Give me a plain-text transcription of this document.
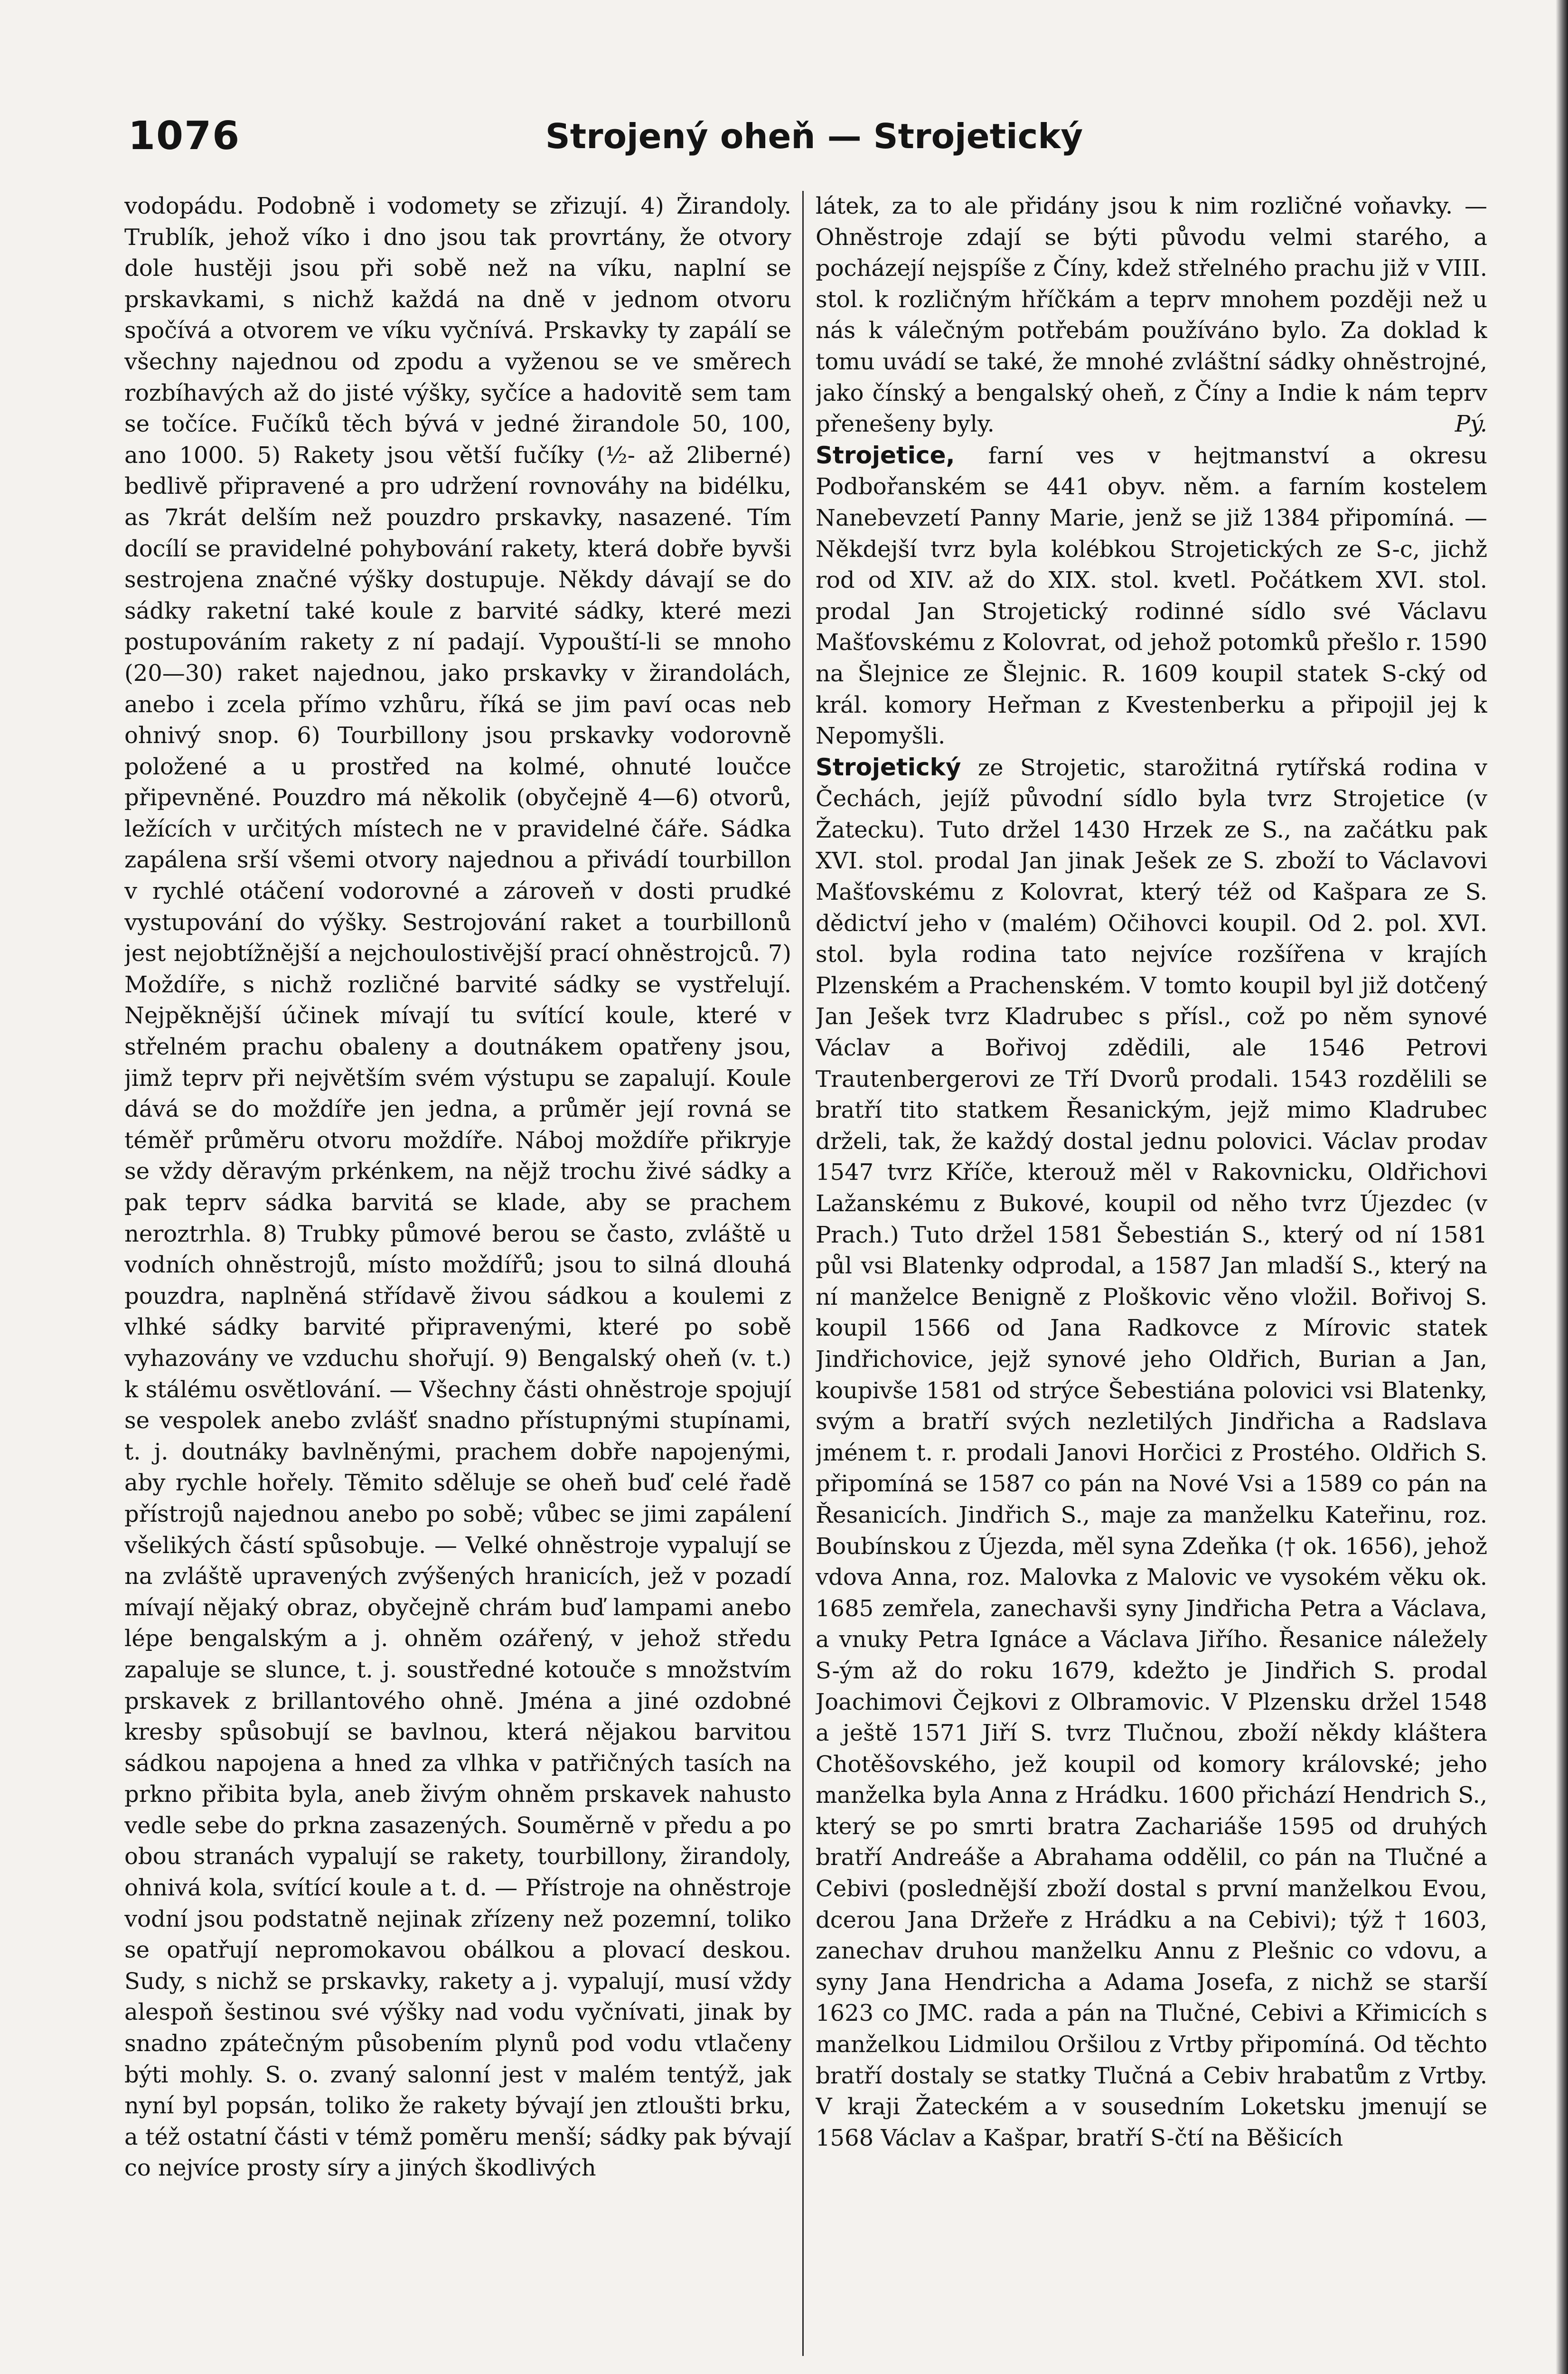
1076	Strojený oheň — Strojetický

vodopádu. Podobně i vodomety se zřizují. 4) Žirandoly. Trublík, jehož víko i dno jsou tak provrtány, že otvory dole hustěji jsou při sobě než na víku, naplní se prskavkami, s nichž každá na dně v jednom otvoru spočívá a otvorem ve víku vyčnívá. Prskavky ty zapálí se všechny najednou od zpodu a vyženou se ve směrech rozbíhavých až do jisté výšky, syčíce a hadovitě sem tam se točíce. Fučíků těch bývá v jedné žirandole 50, 100, ano 1000. 5) Rakety jsou větší fučíky (½- až 2liberné) bedlivě připravené a pro udržení rovnováhy na bidélku, as 7krát delším než pouzdro prskavky, nasazené. Tím docílí se pravidelné pohybování rakety, která dobře byvši sestrojena značné výšky dostupuje. Někdy dávají se do sádky raketní také koule z barvité sádky, které mezi postupováním rakety z ní padají. Vypouští-li se mnoho (20—30) raket najednou, jako prskavky v žirandolách, anebo i zcela přímo vzhůru, říká se jim paví ocas neb ohnivý snop. 6) Tourbillony jsou prskavky vodorovně položené a u prostřed na kolmé, ohnuté loučce připevněné. Pouzdro má několik (obyčejně 4—6) otvorů, ležících v určitých místech ne v pravidelné čáře. Sádka zapálena srší všemi otvory najednou a přivádí tourbillon v rychlé otáčení vodorovné a zároveň v dosti prudké vystupování do výšky. Sestrojování raket a tourbillonů jest nejobtížnější a nejchoulostivější prací ohněstrojců. 7) Moždíře, s nichž rozličné barvité sádky se vystřelují. Nejpěknější účinek mívají tu svítící koule, které v střelném prachu obaleny a doutnákem opatřeny jsou, jimž teprv při největším svém výstupu se zapalují. Koule dává se do moždíře jen jedna, a průměr její rovná se téměř průměru otvoru moždíře. Náboj moždíře přikryje se vždy děravým prkénkem, na nějž trochu živé sádky a pak teprv sádka barvitá se klade, aby se prachem neroztrhla. 8) Trubky půmové berou se často, zvláště u vodních ohněstrojů, místo moždířů; jsou to silná dlouhá pouzdra, naplněná střídavě živou sádkou a koulemi z vlhké sádky barvité připravenými, které po sobě vyhazovány ve vzduchu shořují. 9) Bengalský oheň (v. t.) k stálému osvětlování. — Všechny části ohněstroje spojují se vespolek anebo zvlášť snadno přístupnými stupínami, t. j. doutnáky bavlněnými, prachem dobře napojenými, aby rychle hořely. Těmito sděluje se oheň buď celé řadě přístrojů najednou anebo po sobě; vůbec se jimi zapálení všelikých částí spůsobuje. — Velké ohněstroje vypalují se na zvláště upravených zvýšených hranicích, jež v pozadí mívají nějaký obraz, obyčejně chrám buď lampami anebo lépe bengalským a j. ohněm ozářený, v jehož středu zapaluje se slunce, t. j. soustředné kotouče s množstvím prskavek z brillantového ohně. Jména a jiné ozdobné kresby spůsobují se bavlnou, která nějakou barvitou sádkou napojena a hned za vlhka v patřičných tasích na prkno přibita byla, aneb živým ohněm prskavek nahusto vedle sebe do prkna zasazených. Souměrně v předu a po obou stranách vypalují se rakety, tourbillony, žirandoly, ohnivá kola, svítící koule a t. d. — Přístroje na ohněstroje vodní jsou podstatně nejinak zřízeny než pozemní, toliko se opatřují nepromokavou obálkou a plovací deskou. Sudy, s nichž se prskavky, rakety a j. vypalují, musí vždy alespoň šestinou své výšky nad vodu vyčnívati, jinak by snadno zpátečným působením plynů pod vodu vtlačeny býti mohly. S. o. zvaný salonní jest v malém tentýž, jak nyní byl popsán, toliko že rakety bývají jen ztloušti brku, a též ostatní části v témž poměru menší; sádky pak bývají co nejvíce prosty síry a jiných škodlivých

látek, za to ale přidány jsou k nim rozličné voňavky. — Ohněstroje zdají se býti původu velmi starého, a pocházejí nejspíše z Číny, kdež střelného prachu již v VIII. stol. k rozličným hříčkám a teprv mnohem později než u nás k válečným potřebám používáno bylo. Za doklad k tomu uvádí se také, že mnohé zvláštní sádky ohněstrojné, jako čínský a bengalský oheň, z Číny a Indie k nám teprv přenešeny byly.	Pý.

Strojetice, farní ves v hejtmanství a okresu Podbořanském se 441 obyv. něm. a farním kostelem Nanebevzetí Panny Marie, jenž se již 1384 připomíná. — Někdejší tvrz byla kolébkou Strojetických ze S-c, jichž rod od XIV. až do XIX. stol. kvetl. Počátkem XVI. stol. prodal Jan Strojetický rodinné sídlo své Václavu Mašťovskému z Kolovrat, od jehož potomků přešlo r. 1590 na Šlejnice ze Šlejnic. R. 1609 koupil statek S-cký od král. komory Heřman z Kvestenberku a připojil jej k Nepomyšli.

Strojetický ze Strojetic, starožitná rytířská rodina v Čechách, jejíž původní sídlo byla tvrz Strojetice (v Žatecku). Tuto držel 1430 Hrzek ze S., na začátku pak XVI. stol. prodal Jan jinak Ješek ze S. zboží to Václavovi Mašťovskému z Kolovrat, který též od Kašpara ze S. dědictví jeho v (malém) Očihovci koupil. Od 2. pol. XVI. stol. byla rodina tato nejvíce rozšířena v krajích Plzenském a Prachenském. V tomto koupil byl již dotčený Jan Ješek tvrz Kladrubec s přísl., což po něm synové Václav a Bořivoj zdědili, ale 1546 Petrovi Trautenbergerovi ze Tří Dvorů prodali. 1543 rozdělili se bratří tito statkem Řesanickým, jejž mimo Kladrubec drželi, tak, že každý dostal jednu polovici. Václav prodav 1547 tvrz Kříče, kterouž měl v Rakovnicku, Oldřichovi Lažanskému z Bukové, koupil od něho tvrz Újezdec (v Prach.) Tuto držel 1581 Šebestián S., který od ní 1581 půl vsi Blatenky odprodal, a 1587 Jan mladší S., který na ní manželce Benigně z Ploškovic věno vložil. Bořivoj S. koupil 1566 od Jana Radkovce z Mírovic statek Jindřichovice, jejž synové jeho Oldřich, Burian a Jan, koupivše 1581 od strýce Šebestiána polovici vsi Blatenky, svým a bratří svých nezletilých Jindřicha a Radslava jménem t. r. prodali Janovi Horčici z Prostého. Oldřich S. připomíná se 1587 co pán na Nové Vsi a 1589 co pán na Řesanicích. Jindřich S., maje za manželku Kateřinu, roz. Boubínskou z Újezda, měl syna Zdeňka († ok. 1656), jehož vdova Anna, roz. Malovka z Malovic ve vysokém věku ok. 1685 zemřela, zanechavši syny Jindřicha Petra a Václava, a vnuky Petra Ignáce a Václava Jiřího. Řesanice náležely S-ým až do roku 1679, kdežto je Jindřich S. prodal Joachimovi Čejkovi z Olbramovic. V Plzensku držel 1548 a ještě 1571 Jiří S. tvrz Tlučnou, zboží někdy kláštera Chotěšovského, jež koupil od komory královské; jeho manželka byla Anna z Hrádku. 1600 přichází Hendrich S., který se po smrti bratra Zachariáše 1595 od druhých bratří Andreáše a Abrahama oddělil, co pán na Tlučné a Cebivi (poslednější zboží dostal s první manželkou Evou, dcerou Jana Držeře z Hrádku a na Cebivi); týž † 1603, zanechav druhou manželku Annu z Plešnic co vdovu, a syny Jana Hendricha a Adama Josefa, z nichž se starší 1623 co JMC. rada a pán na Tlučné, Cebivi a Křimicích s manželkou Lidmilou Oršilou z Vrtby připomíná. Od těchto bratří dostaly se statky Tlučná a Cebiv hrabatům z Vrtby. V kraji Žateckém a v sousedním Loketsku jmenují se 1568 Václav a Kašpar, bratří S-čtí na Běšicích
